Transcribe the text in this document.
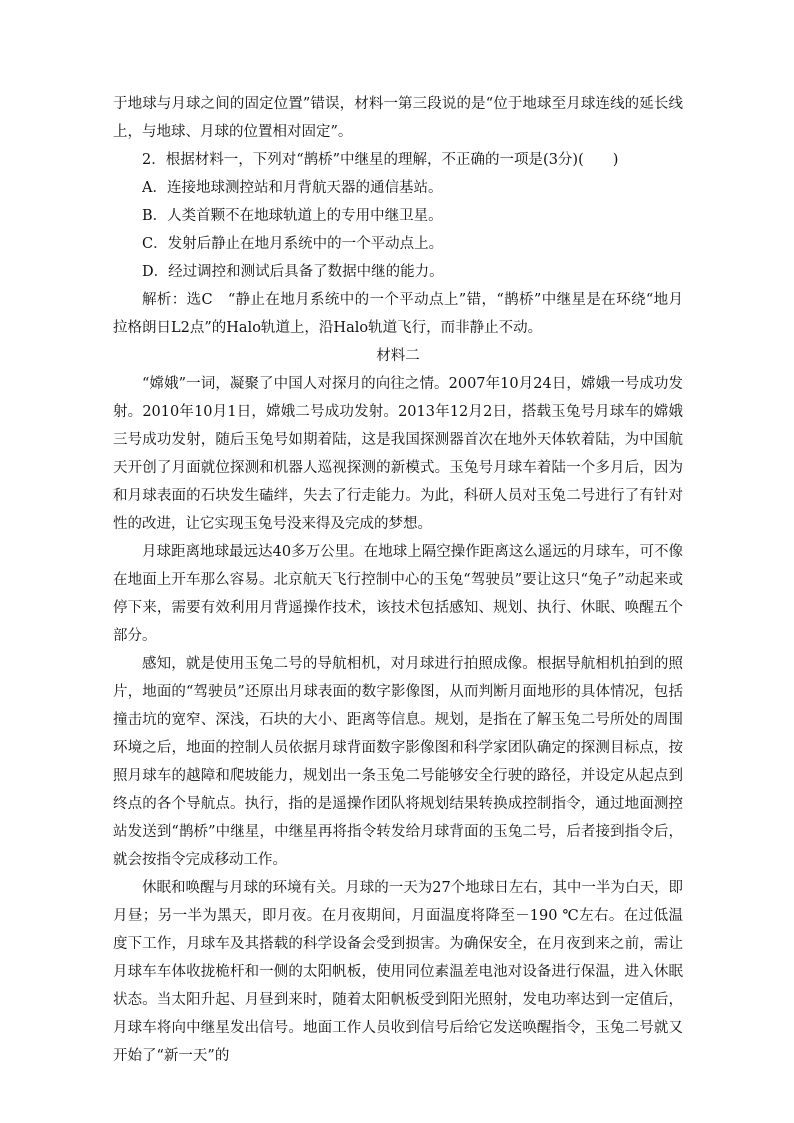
于地球与月球之间的固定位置”错误，材料一第三段说的是“位于地球至月球连线的延长线上，与地球、月球的位置相对固定”。

2．根据材料一，下列对“鹊桥”中继星的理解，不正确的一项是(3分)(　　)

A．连接地球测控站和月背航天器的通信基站。

B．人类首颗不在地球轨道上的专用中继卫星。

C．发射后静止在地月系统中的一个平动点上。

D．经过调控和测试后具备了数据中继的能力。

解析：选C　“静止在地月系统中的一个平动点上”错，“鹊桥”中继星是在环绕“地月拉格朗日L2点”的Halo轨道上，沿Halo轨道飞行，而非静止不动。

材料二

“嫦娥”一词，凝聚了中国人对探月的向往之情。2007年10月24日，嫦娥一号成功发射。2010年10月1日，嫦娥二号成功发射。2013年12月2日，搭载玉兔号月球车的嫦娥三号成功发射，随后玉兔号如期着陆，这是我国探测器首次在地外天体软着陆，为中国航天开创了月面就位探测和机器人巡视探测的新模式。玉兔号月球车着陆一个多月后，因为和月球表面的石块发生磕绊，失去了行走能力。为此，科研人员对玉兔二号进行了有针对性的改进，让它实现玉兔号没来得及完成的梦想。

月球距离地球最远达40多万公里。在地球上隔空操作距离这么遥远的月球车，可不像在地面上开车那么容易。北京航天飞行控制中心的玉兔“驾驶员”要让这只“兔子”动起来或停下来，需要有效利用月背遥操作技术，该技术包括感知、规划、执行、休眠、唤醒五个部分。

感知，就是使用玉兔二号的导航相机，对月球进行拍照成像。根据导航相机拍到的照片，地面的“驾驶员”还原出月球表面的数字影像图，从而判断月面地形的具体情况，包括撞击坑的宽窄、深浅，石块的大小、距离等信息。规划，是指在了解玉兔二号所处的周围环境之后，地面的控制人员依据月球背面数字影像图和科学家团队确定的探测目标点，按照月球车的越障和爬坡能力，规划出一条玉兔二号能够安全行驶的路径，并设定从起点到终点的各个导航点。执行，指的是遥操作团队将规划结果转换成控制指令，通过地面测控站发送到“鹊桥”中继星，中继星再将指令转发给月球背面的玉兔二号，后者接到指令后，就会按指令完成移动工作。

休眠和唤醒与月球的环境有关。月球的一天为27个地球日左右，其中一半为白天，即月昼；另一半为黑天，即月夜。在月夜期间，月面温度将降至－190 ℃左右。在过低温度下工作，月球车及其搭载的科学设备会受到损害。为确保安全，在月夜到来之前，需让月球车车体收拢桅杆和一侧的太阳帆板，使用同位素温差电池对设备进行保温，进入休眠状态。当太阳升起、月昼到来时，随着太阳帆板受到阳光照射，发电功率达到一定值后，月球车将向中继星发出信号。地面工作人员收到信号后给它发送唤醒指令，玉兔二号就又开始了“新一天”的
